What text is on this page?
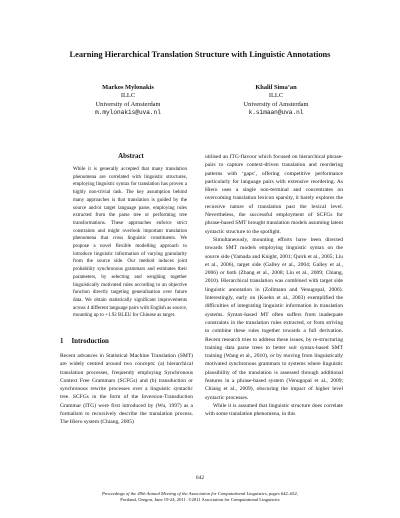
Learning Hierarchical Translation Structure with Linguistic Annotations
Markos Mylonakis
ILLC
University of Amsterdam
m.mylonakis@uva.nl
Khalil Sima’an
ILLC
University of Amsterdam
k.simaan@uva.nl
Abstract
While it is generally accepted that many translation phenomena are correlated with linguistic structures, employing linguistic syntax for translation has proven a highly non-trivial task. The key assumption behind many approaches is that translation is guided by the source and/or target language parse, employing rules extracted from the parse tree or performing tree transformations. These approaches enforce strict constraints and might overlook important translation phenomena that cross linguistic constituents. We propose a novel flexible modelling approach to introduce linguistic information of varying granularity from the source side. Our method induces joint probability synchronous grammars and estimates their parameters, by selecting and weighing together linguistically motivated rules according to an objective function directly targeting generalisation over future data. We obtain statistically significant improvements across 4 different language pairs with English as source, mounting up to +1.92 BLEU for Chinese as target.
1 Introduction
Recent advances in Statistical Machine Translation (SMT) are widely centred around two concepts: (a) hierarchical translation processes, frequently employing Synchronous Context Free Grammars (SCFGs) and (b) transduction or synchronous rewrite processes over a linguistic syntactic tree. SCFGs in the form of the Inversion-Transduction Grammar (ITG) were first introduced by (Wu, 1997) as a formalism to recursively describe the translation process. The Hiero system (Chiang, 2005)

utilised an ITG-flavour which focused on hierarchical phrase-pairs to capture context-driven translation and reordering patterns with ‘gaps’, offering competitive performance particularly for language pairs with extensive reordering. As Hiero uses a single non-terminal and concentrates on overcoming translation lexicon sparsity, it barely explores the recursive nature of translation past the lexical level. Nevertheless, the successful employment of SCFGs for phrase-based SMT brought translation models assuming latent syntactic structure to the spotlight.

Simultaneously, mounting efforts have been directed towards SMT models employing linguistic syntax on the source side (Yamada and Knight, 2001; Quirk et al., 2005; Liu et al., 2006), target side (Galley et al., 2004; Galley et al., 2006) or both (Zhang et al., 2008; Liu et al., 2009; Chiang, 2010). Hierarchical translation was combined with target side linguistic annotation in (Zollmann and Venugopal, 2006). Interestingly, early on (Koehn et al., 2003) exemplified the difficulties of integrating linguistic information in translation systems. Syntax-based MT often suffers from inadequate constraints in the translation rules extracted, or from striving to combine these rules together towards a full derivation. Recent research tries to address these issues, by re-structuring training data parse trees to better suit syntax-based SMT training (Wang et al., 2010), or by moving from linguistically motivated synchronous grammars to systems where linguistic plausibility of the translation is assessed through additional features in a phrase-based system (Venugopal et al., 2009; Chiang et al., 2009), obscuring the impact of higher level syntactic processes.

While it is assumed that linguistic structure does correlate with some translation phenomena, in this

642
Proceedings of the 49th Annual Meeting of the Association for Computational Linguistics, pages 642–652,
Portland, Oregon, June 19-24, 2011. ©2011 Association for Computational Linguistics
